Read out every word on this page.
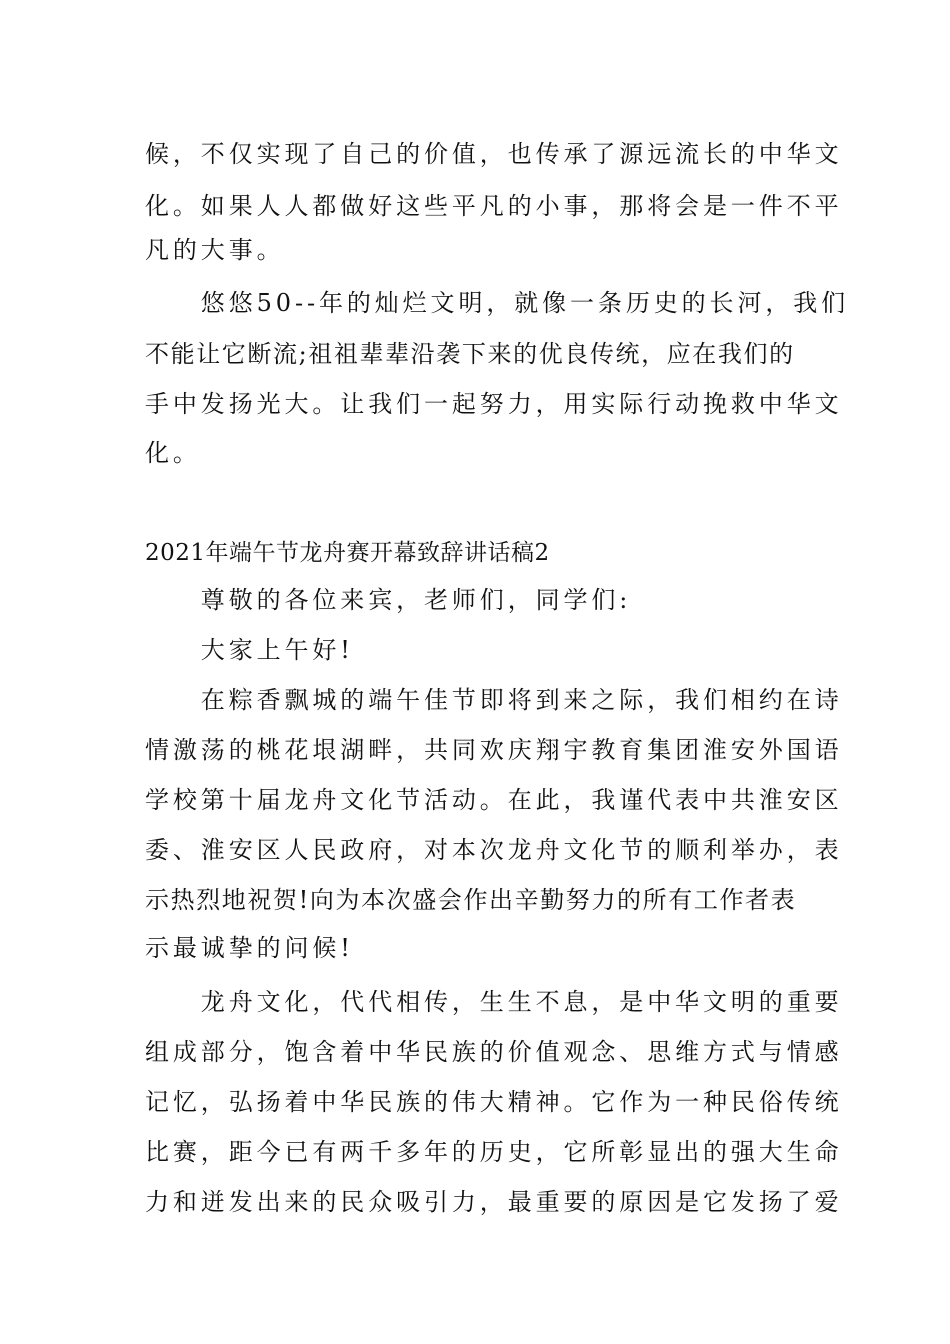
候，不仅实现了自己的价值，也传承了源远流长的中华文
化。如果人人都做好这些平凡的小事，那将会是一件不平
凡的大事。
　　悠悠50--年的灿烂文明，就像一条历史的长河，我们
不能让它断流;祖祖辈辈沿袭下来的优良传统，应在我们的
手中发扬光大。让我们一起努力，用实际行动挽救中华文
化。
2021年端午节龙舟赛开幕致辞讲话稿2
　　尊敬的各位来宾，老师们，同学们:
　　大家上午好!
　　在粽香飘城的端午佳节即将到来之际，我们相约在诗
情激荡的桃花垠湖畔，共同欢庆翔宇教育集团淮安外国语
学校第十届龙舟文化节活动。在此，我谨代表中共淮安区
委、淮安区人民政府，对本次龙舟文化节的顺利举办，表
示热烈地祝贺!向为本次盛会作出辛勤努力的所有工作者表
示最诚挚的问候!
　　龙舟文化，代代相传，生生不息，是中华文明的重要
组成部分，饱含着中华民族的价值观念、思维方式与情感
记忆，弘扬着中华民族的伟大精神。它作为一种民俗传统
比赛，距今已有两千多年的历史，它所彰显出的强大生命
力和迸发出来的民众吸引力，最重要的原因是它发扬了爱
